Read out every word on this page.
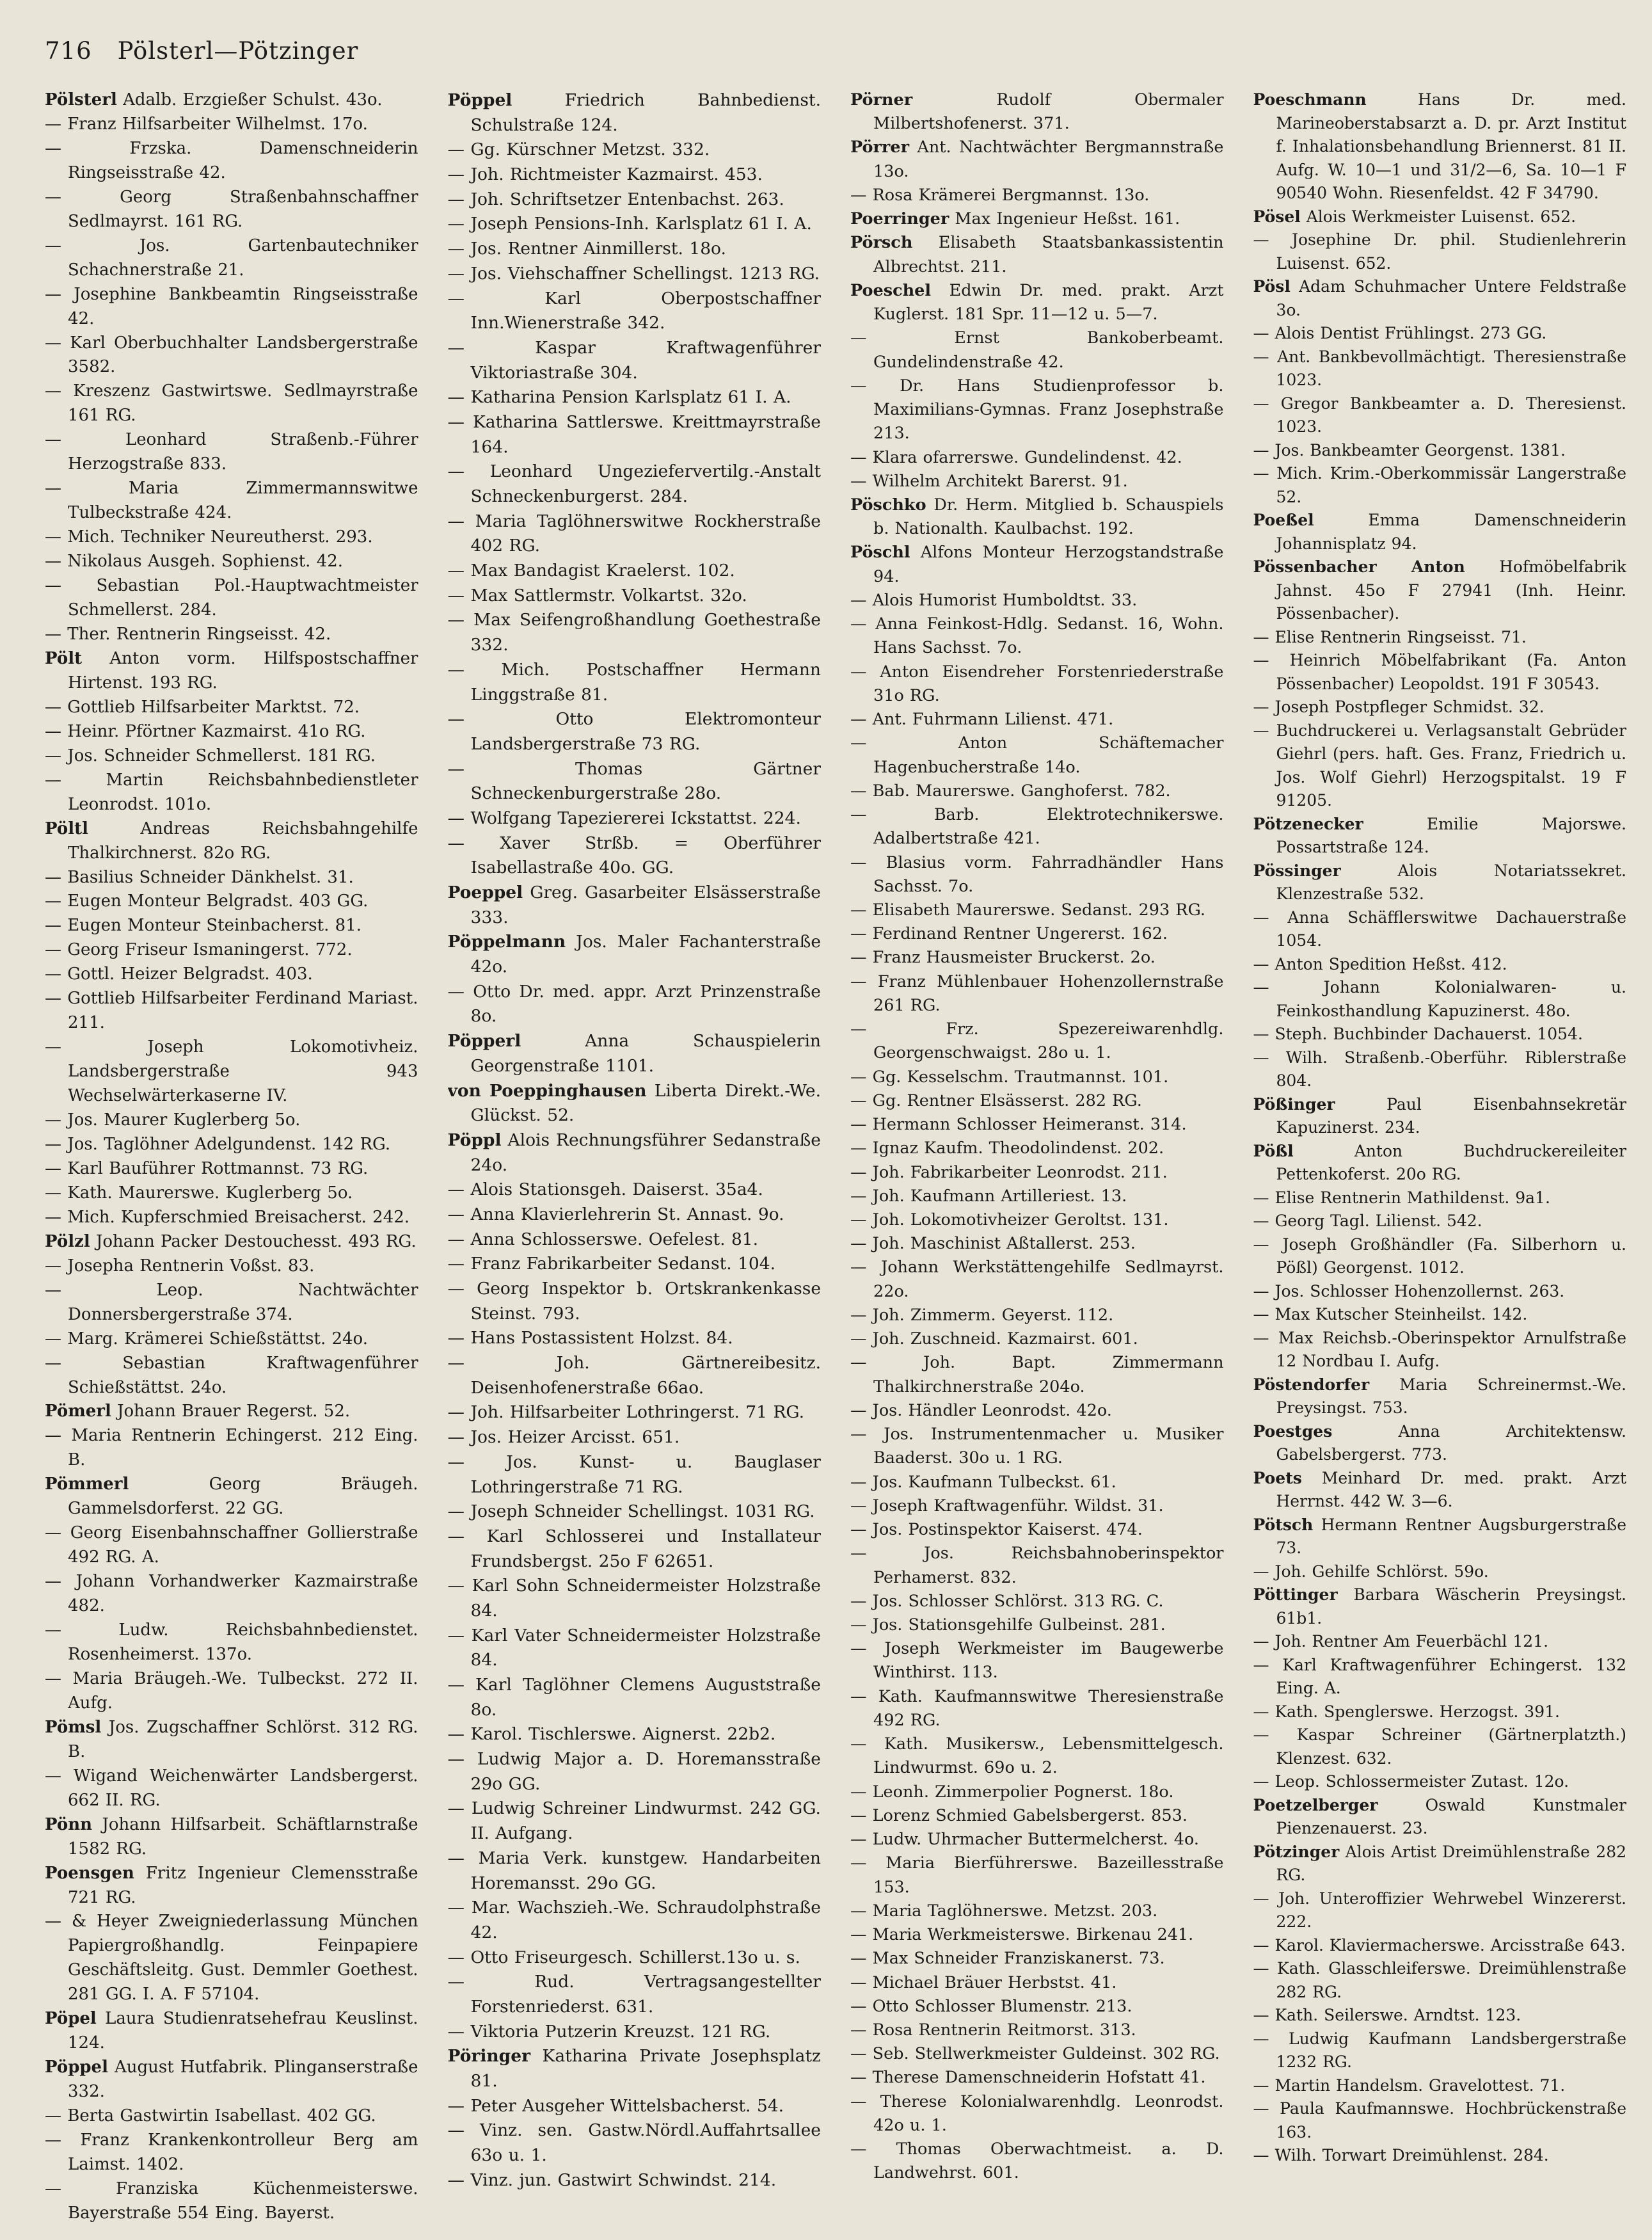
716 Pölsterl—Pötzinger
Pölsterl Adalb. Erzgießer Schulst. 43o.
— Franz Hilfsarbeiter Wilhelmst. 17o.
— Frzska. Damenschneiderin Ringseisstraße 42.
— Georg Straßenbahnschaffner Sedlmayrst. 161 RG.
— Jos. Gartenbautechniker Schachnerstraße 21.
— Josephine Bankbeamtin Ringseisstraße 42.
— Karl Oberbuchhalter Landsbergerstraße 3582.
— Kreszenz Gastwirtswe. Sedlmayrstraße 161 RG.
— Leonhard Straßenb.-Führer Herzogstraße 833.
— Maria Zimmermannswitwe Tulbeckstraße 424.
— Mich. Techniker Neureutherst. 293.
— Nikolaus Ausgeh. Sophienst. 42.
— Sebastian Pol.-Hauptwachtmeister Schmellerst. 284.
— Ther. Rentnerin Ringseisst. 42.
Pölt Anton vorm. Hilfspostschaffner Hirtenst. 193 RG.
— Gottlieb Hilfsarbeiter Marktst. 72.
— Heinr. Pförtner Kazmairst. 41o RG.
— Jos. Schneider Schmellerst. 181 RG.
— Martin Reichsbahnbedienstleter Leonrodst. 101o.
Pöltl	Andreas Reichsbahngehilfe Thalkirchnerst. 82o RG.
— Basilius Schneider Dänkhelst. 31.
— Eugen Monteur Belgradst. 403 GG.
— Eugen Monteur Steinbacherst. 81.
— Georg Friseur Ismaningerst. 772.
— Gottl. Heizer Belgradst. 403.
— Gottlieb Hilfsarbeiter Ferdinand Mariast. 211.
— Joseph Lokomotivheiz. Landsbergerstraße 943 Wechselwärterkaserne IV.
— Jos. Maurer Kuglerberg 5o.
— Jos. Taglöhner Adelgundenst. 142 RG.
— Karl Bauführer Rottmannst. 73 RG.
— Kath. Maurerswe. Kuglerberg 5o.
— Mich. Kupferschmied Breisacherst. 242.
Pölzl Johann Packer Destouchesst. 493 RG.
— Josepha Rentnerin Voßst. 83.
— Leop. Nachtwächter Donnersbergerstraße 374.
— Marg. Krämerei Schießstättst. 24o.
— Sebastian Kraftwagenführer Schießstättst. 24o.
Pömerl Johann Brauer Regerst. 52.
— Maria Rentnerin Echingerst. 212 Eing. B.
Pömmerl	Georg Bräugeh. Gammelsdorferst. 22 GG.
— Georg Eisenbahnschaffner Gollierstraße 492 RG. A.
— Johann Vorhandwerker Kazmairstraße 482.
— Ludw. Reichsbahnbedienstet. Rosenheimerst. 137o.
— Maria Bräugeh.-We. Tulbeckst. 272 II. Aufg.
Pömsl Jos. Zugschaffner Schlörst. 312 RG. B.
— Wigand Weichenwärter Landsbergerst. 662 II. RG.
Pönn Johann Hilfsarbeit. Schäftlarnstraße 1582 RG.
Poensgen Fritz Ingenieur Clemensstraße 721 RG.
— & Heyer Zweigniederlassung München Papiergroßhandlg. Feinpapiere Geschäftsleitg. Gust. Demmler Goethest. 281 GG. I. A. F 57104.
Pöpel Laura Studienratsehefrau Keuslinst. 124.
Pöppel August Hutfabrik. Plinganserstraße 332.
— Berta Gastwirtin Isabellast. 402 GG.
— Franz Krankenkontrolleur Berg am Laimst. 1402.
— Franziska Küchenmeisterswe. Bayerstraße 554 Eing. Bayerst.
Pöppel	Friedrich Bahnbedienst. Schulstraße 124.
— Gg. Kürschner Metzst. 332.
— Joh. Richtmeister Kazmairst. 453.
— Joh. Schriftsetzer Entenbachst. 263.
— Joseph Pensions-Inh. Karlsplatz 61 I. A.
— Jos. Rentner Ainmillerst. 18o.
— Jos. Viehschaffner Schellingst. 1213 RG.
— Karl Oberpostschaffner Inn.Wienerstraße 342.
— Kaspar Kraftwagenführer Viktoriastraße 304.
— Katharina Pension Karlsplatz 61 I. A.
— Katharina Sattlerswe. Kreittmayrstraße 164.
— Leonhard Ungeziefervertilg.-Anstalt Schneckenburgerst. 284.
— Maria Taglöhnerswitwe Rockherstraße 402 RG.
— Max Bandagist Kraelerst. 102.
— Max Sattlermstr. Volkartst. 32o.
— Max Seifengroßhandlung Goethestraße 332.
— Mich. Postschaffner Hermann Linggstraße 81.
— Otto Elektromonteur Landsbergerstraße 73 RG.
— Thomas Gärtner Schneckenburgerstraße 28o.
— Wolfgang Tapeziererei Ickstattst. 224.
— Xaver Strßb. = Oberführer Isabellastraße 40o. GG.
Poeppel Greg. Gasarbeiter Elsässerstraße 333.
Pöppelmann Jos. Maler Fachanterstraße 42o.
— Otto Dr. med. appr. Arzt Prinzenstraße 8o.
Pöpperl	Anna Schauspielerin Georgenstraße 1101.
von Poeppinghausen Liberta Direkt.-We. Glückst. 52.
Pöppl Alois Rechnungsführer Sedanstraße 24o.
— Alois Stationsgeh. Daiserst. 35a4.
— Anna Klavierlehrerin St. Annast. 9o.
— Anna Schlosserswe. Oefelest. 81.
— Franz Fabrikarbeiter Sedanst. 104.
— Georg Inspektor b. Ortskrankenkasse Steinst. 793.
— Hans Postassistent Holzst. 84.
— Joh. Gärtnereibesitz. Deisenhofenerstraße 66ao.
— Joh. Hilfsarbeiter Lothringerst. 71 RG.
— Jos. Heizer Arcisst. 651.
— Jos. Kunst- u. Bauglaser Lothringerstraße 71 RG.
— Joseph Schneider Schellingst. 1031 RG.
— Karl Schlosserei und Installateur Frundsbergst. 25o F 62651.
— Karl Sohn Schneidermeister Holzstraße 84.
— Karl Vater Schneidermeister Holzstraße 84.
— Karl Taglöhner Clemens Auguststraße 8o.
— Karol. Tischlerswe. Aignerst. 22b2.
— Ludwig Major a. D. Horemansstraße 29o GG.
— Ludwig Schreiner Lindwurmst. 242 GG. II. Aufgang.
— Maria Verk. kunstgew. Handarbeiten Horemansst. 29o GG.
— Mar. Wachszieh.-We. Schraudolphstraße 42.
— Otto Friseurgesch. Schillerst.13o u. s.
— Rud. Vertragsangestellter Forstenriederst. 631.
— Viktoria Putzerin Kreuzst. 121 RG.
Pöringer Katharina Private Josephsplatz 81.
— Peter Ausgeher Wittelsbacherst. 54.
— Vinz. sen. Gastw.Nördl.Auffahrtsallee 63o u. 1.
— Vinz. jun. Gastwirt Schwindst. 214.
Pörner	Rudolf Obermaler Milbertshofenerst. 371.
Pörrer Ant. Nachtwächter Bergmannstraße 13o.
— Rosa Krämerei Bergmannst. 13o.
Poerringer Max Ingenieur Heßst. 161.
Pörsch Elisabeth Staatsbankassistentin Albrechtst. 211.
Poeschel Edwin Dr. med. prakt. Arzt Kuglerst. 181 Spr. 11—12 u. 5—7.
— Ernst Bankoberbeamt. Gundelindenstraße 42.
— Dr. Hans Studienprofessor b. Maximilians-Gymnas. Franz Josephstraße 213.
— Klara ofarrerswe. Gundelindenst. 42.
— Wilhelm Architekt Barerst. 91.
Pöschko Dr. Herm. Mitglied b. Schauspiels b. Nationalth. Kaulbachst. 192.
Pöschl Alfons Monteur Herzogstandstraße 94.
— Alois Humorist Humboldtst. 33.
— Anna Feinkost-Hdlg. Sedanst. 16, Wohn. Hans Sachsst. 7o.
— Anton Eisendreher Forstenriederstraße 31o RG.
— Ant. Fuhrmann Lilienst. 471.
— Anton Schäftemacher Hagenbucherstraße 14o.
— Bab. Maurerswe. Ganghoferst. 782.
— Barb. Elektrotechnikerswe. Adalbertstraße 421.
— Blasius vorm. Fahrradhändler Hans Sachsst. 7o.
— Elisabeth Maurerswe. Sedanst. 293 RG.
— Ferdinand Rentner Ungererst. 162.
— Franz Hausmeister Bruckerst. 2o.
— Franz Mühlenbauer Hohenzollernstraße 261 RG.
— Frz. Spezereiwarenhdlg. Georgenschwaigst. 28o u. 1.
— Gg. Kesselschm. Trautmannst. 101.
— Gg. Rentner Elsässerst. 282 RG.
— Hermann Schlosser Heimeranst. 314.
— Ignaz Kaufm. Theodolindenst. 202.
— Joh. Fabrikarbeiter Leonrodst. 211.
— Joh. Kaufmann Artilleriest. 13.
— Joh. Lokomotivheizer Geroltst. 131.
— Joh. Maschinist Aßtallerst. 253.
— Johann Werkstättengehilfe Sedlmayrst. 22o.
— Joh. Zimmerm. Geyerst. 112.
— Joh. Zuschneid. Kazmairst. 601.
— Joh. Bapt. Zimmermann Thalkirchnerstraße 204o.
— Jos. Händler Leonrodst. 42o.
— Jos. Instrumentenmacher u. Musiker Baaderst. 30o u. 1 RG.
— Jos. Kaufmann Tulbeckst. 61.
— Joseph Kraftwagenführ. Wildst. 31.
— Jos. Postinspektor Kaiserst. 474.
— Jos. Reichsbahnoberinspektor Perhamerst. 832.
— Jos. Schlosser Schlörst. 313 RG. C.
— Jos. Stationsgehilfe Gulbeinst. 281.
— Joseph Werkmeister im Baugewerbe Winthirst. 113.
— Kath. Kaufmannswitwe Theresienstraße 492 RG.
— Kath. Musikersw., Lebensmittelgesch. Lindwurmst. 69o u. 2.
— Leonh. Zimmerpolier Pognerst. 18o.
— Lorenz Schmied Gabelsbergerst. 853.
— Ludw. Uhrmacher Buttermelcherst. 4o.
— Maria Bierführerswe. Bazeillesstraße 153.
— Maria Taglöhnerswe. Metzst. 203.
— Maria Werkmeisterswe. Birkenau 241.
— Max Schneider Franziskanerst. 73.
— Michael Bräuer Herbstst. 41.
— Otto Schlosser Blumenstr. 213.
— Rosa Rentnerin Reitmorst. 313.
— Seb. Stellwerkmeister Guldeinst. 302 RG.
— Therese Damenschneiderin Hofstatt 41.
— Therese Kolonialwarenhdlg. Leonrodst. 42o u. 1.
— Thomas Oberwachtmeist. a. D. Landwehrst. 601.
Poeschmann	Hans Dr. med. Marineoberstabsarzt a. D. pr. Arzt Institut f. Inhalationsbehandlung Briennerst. 81 II. Aufg. W. 10—1 und 31/2—6, Sa. 10—1 F 90540 Wohn. Riesenfeldst. 42 F 34790.
Pösel Alois Werkmeister Luisenst. 652.
— Josephine Dr. phil. Studienlehrerin Luisenst. 652.
Pösl Adam Schuhmacher Untere Feldstraße 3o.
— Alois Dentist Frühlingst. 273 GG.
— Ant. Bankbevollmächtigt. Theresienstraße 1023.
— Gregor Bankbeamter a. D. Theresienst. 1023.
— Jos. Bankbeamter Georgenst. 1381.
— Mich. Krim.-Oberkommissär Langerstraße 52.
Poeßel	Emma Damenschneiderin Johannisplatz 94.
Pössenbacher Anton Hofmöbelfabrik Jahnst. 45o F 27941 (Inh. Heinr. Pössenbacher).
— Elise Rentnerin Ringseisst. 71.
— Heinrich Möbelfabrikant (Fa. Anton Pössenbacher) Leopoldst. 191 F 30543.
— Joseph Postpfleger Schmidst. 32.
— Buchdruckerei u. Verlagsanstalt Gebrüder Giehrl (pers. haft. Ges. Franz, Friedrich u. Jos. Wolf Giehrl) Herzogspitalst. 19 F 91205.
Pötzenecker	Emilie Majorswe. Possartstraße 124.
Pössinger	Alois Notariatssekret. Klenzestraße 532.
— Anna Schäfflerswitwe Dachauerstraße 1054.
— Anton Spedition Heßst. 412.
— Johann Kolonialwaren- u. Feinkosthandlung Kapuzinerst. 48o.
— Steph. Buchbinder Dachauerst. 1054.
— Wilh. Straßenb.-Oberführ. Riblerstraße 804.
Pößinger	Paul Eisenbahnsekretär Kapuzinerst. 234.
Pößl	Anton Buchdruckereileiter Pettenkoferst. 20o RG.
— Elise Rentnerin Mathildenst. 9a1.
— Georg Tagl. Lilienst. 542.
— Joseph Großhändler (Fa. Silberhorn u. Pößl) Georgenst. 1012.
— Jos. Schlosser Hohenzollernst. 263.
— Max Kutscher Steinheilst. 142.
— Max Reichsb.-Oberinspektor Arnulfstraße 12 Nordbau I. Aufg.
Pöstendorfer Maria Schreinermst.-We. Preysingst. 753.
Poestges	Anna Architektensw. Gabelsbergerst. 773.
Poets Meinhard Dr. med. prakt. Arzt Herrnst. 442 W. 3—6.
Pötsch Hermann Rentner Augsburgerstraße 73.
— Joh. Gehilfe Schlörst. 59o.
Pöttinger Barbara Wäscherin Preysingst. 61b1.
— Joh. Rentner Am Feuerbächl 121.
— Karl Kraftwagenführer Echingerst. 132 Eing. A.
— Kath. Spenglerswe. Herzogst. 391.
— Kaspar Schreiner (Gärtnerplatzth.) Klenzest. 632.
— Leop. Schlossermeister Zutast. 12o.
Poetzelberger	Oswald Kunstmaler Pienzenauerst. 23.
Pötzinger Alois Artist Dreimühlenstraße 282 RG.
— Joh. Unteroffizier Wehrwebel Winzererst. 222.
— Karol. Klaviermacherswe. Arcisstraße 643.
— Kath. Glasschleiferswe. Dreimühlenstraße 282 RG.
— Kath. Seilerswe. Arndtst. 123.
— Ludwig Kaufmann Landsbergerstraße 1232 RG.
— Martin Handelsm. Gravelottest. 71.
— Paula Kaufmannswe. Hochbrückenstraße 163.
— Wilh. Torwart Dreimühlenst. 284.
